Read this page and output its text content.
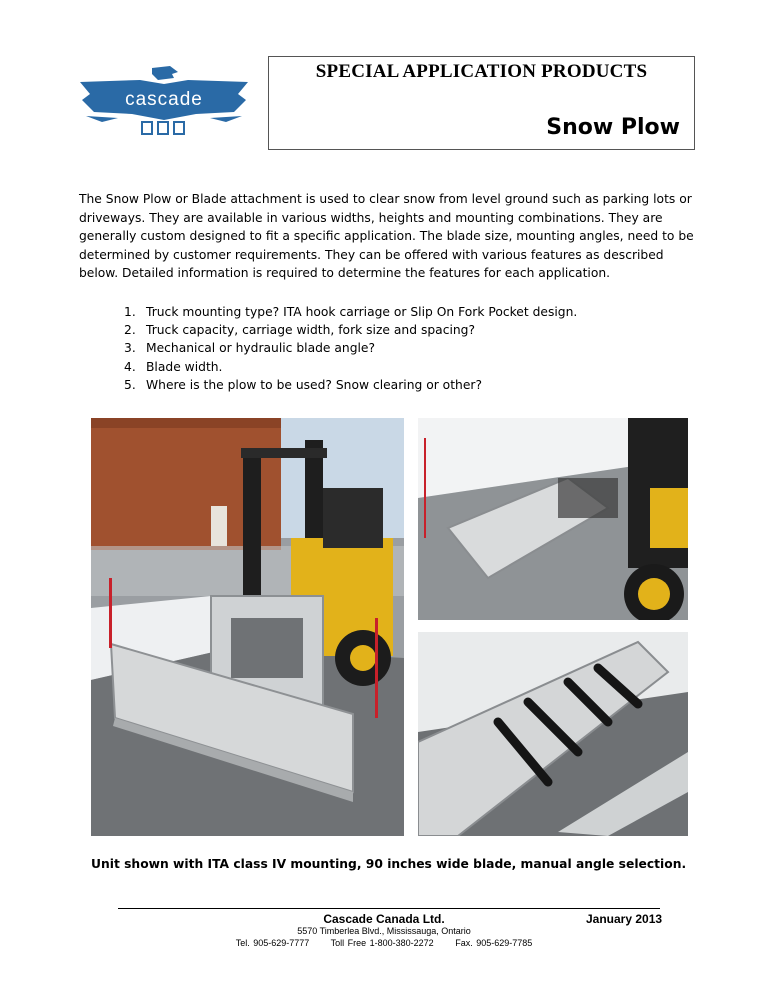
cascade
SPECIAL APPLICATION PRODUCTS
Snow Plow

The Snow Plow or Blade attachment is used to clear snow from level ground such as parking lots or driveways. They are available in various widths, heights and mounting combinations. They are generally custom designed to fit a specific application. The blade size, mounting angles, need to be determined by customer requirements. They can be offered with various features as described below. Detailed information is required to determine the features for each application.

1. Truck mounting type? ITA hook carriage or Slip On Fork Pocket design.
2. Truck capacity, carriage width, fork size and spacing?
3. Mechanical or hydraulic blade angle?
4. Blade width.
5. Where is the plow to be used? Snow clearing or other?
Unit shown with ITA class IV mounting, 90 inches wide blade, manual angle selection.
Cascade Canada Ltd.	January 2013
5570 Timberlea Blvd., Mississauga, Ontario
Tel. 905-629-7777 Toll Free 1-800-380-2272 Fax. 905-629-7785
